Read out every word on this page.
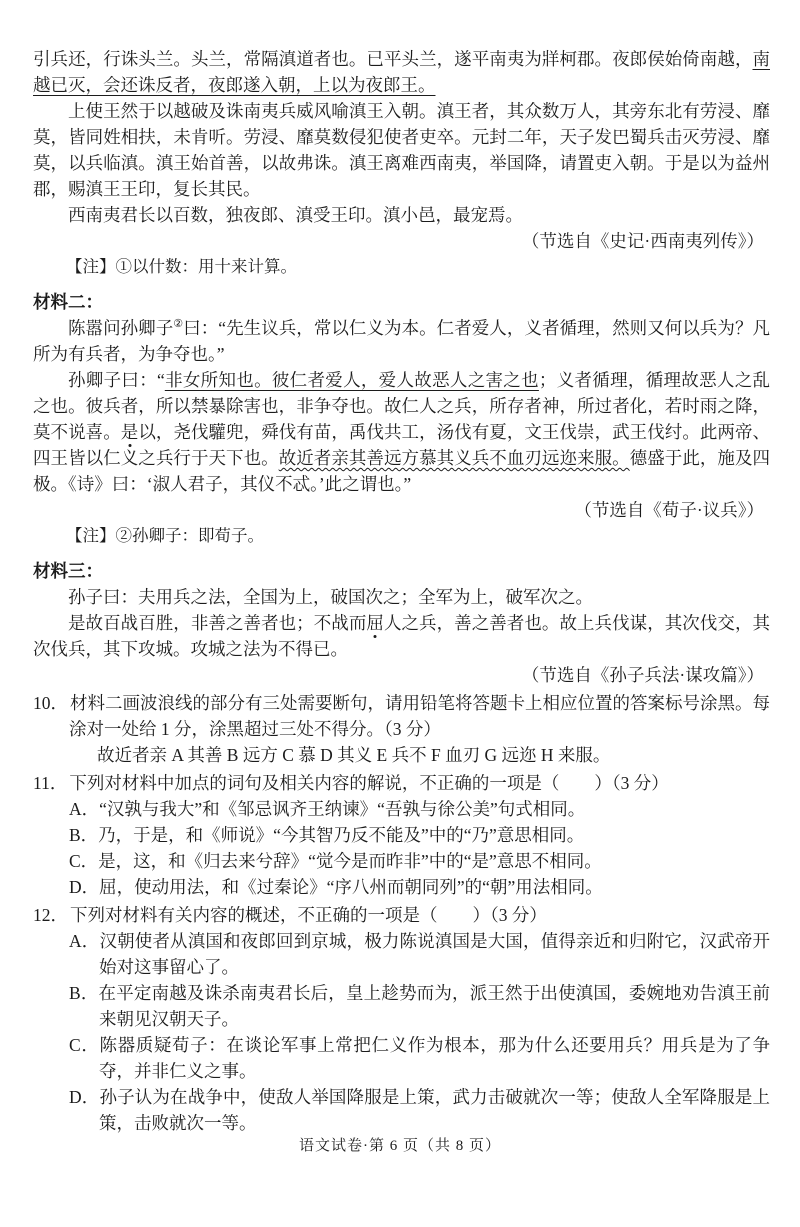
引兵还，行诛头兰。头兰，常隔滇道者也。已平头兰，遂平南夷为牂柯郡。夜郎侯始倚南越，南越已灭，会还诛反者，夜郎遂入朝，上以为夜郎王。

上使王然于以越破及诛南夷兵威风喻滇王入朝。滇王者，其众数万人，其旁东北有劳浸、靡莫，皆同姓相扶，未肯听。劳浸、靡莫数侵犯使者吏卒。元封二年，天子发巴蜀兵击灭劳浸、靡莫，以兵临滇。滇王始首善，以故弗诛。滇王离难西南夷，举国降，请置吏入朝。于是以为益州郡，赐滇王王印，复长其民。

西南夷君长以百数，独夜郎、滇受王印。滇小邑，最宠焉。

（节选自《史记·西南夷列传》）

【注】①以什数：用十来计算。

材料二：

陈嚣问孙卿子②曰：“先生议兵，常以仁义为本。仁者爱人，义者循理，然则又何以兵为？凡所为有兵者，为争夺也。”

孙卿子曰：“非女所知也。彼仁者爱人，爱人故恶人之害之也；义者循理，循理故恶人之乱之也。彼兵者，所以禁暴除害也，非争夺也。故仁人之兵，所存者神，所过者化，若时雨之降，莫不说喜。是以，尧伐驩兜，舜伐有苗，禹伐共工，汤伐有夏，文王伐崇，武王伐纣。此两帝、四王皆以仁义之兵行于天下也。故近者亲其善远方慕其义兵不血刃远迩来服。德盛于此，施及四极。《诗》曰：‘淑人君子，其仪不忒。’此之谓也。”

（节选自《荀子·议兵》）

【注】②孙卿子：即荀子。

材料三：

孙子曰：夫用兵之法，全国为上，破国次之；全军为上，破军次之。

是故百战百胜，非善之善者也；不战而屈人之兵，善之善者也。故上兵伐谋，其次伐交，其次伐兵，其下攻城。攻城之法为不得已。

（节选自《孙子兵法·谋攻篇》）

10． 材料二画波浪线的部分有三处需要断句，请用铅笔将答题卡上相应位置的答案标号涂黑。每涂对一处给 1 分，涂黑超过三处不得分。（3 分）

故近者亲 A 其善 B 远方 C 慕 D 其义 E 兵不 F 血刃 G 远迩 H 来服。

11． 下列对材料中加点的词句及相关内容的解说，不正确的一项是（　　）（3 分）

A．“汉孰与我大”和《邹忌讽齐王纳谏》“吾孰与徐公美”句式相同。

B．乃，于是，和《师说》“今其智乃反不能及”中的“乃”意思相同。

C．是，这，和《归去来兮辞》“觉今是而昨非”中的“是”意思不相同。

D．屈，使动用法，和《过秦论》“序八州而朝同列”的“朝”用法相同。

12． 下列对材料有关内容的概述，不正确的一项是（　　）（3 分）

A．汉朝使者从滇国和夜郎回到京城，极力陈说滇国是大国，值得亲近和归附它，汉武帝开始对这事留心了。

B．在平定南越及诛杀南夷君长后，皇上趁势而为，派王然于出使滇国，委婉地劝告滇王前来朝见汉朝天子。

C．陈器质疑荀子：在谈论军事上常把仁义作为根本，那为什么还要用兵？用兵是为了争夺，并非仁义之事。

D．孙子认为在战争中，使敌人举国降服是上策，武力击破就次一等；使敌人全军降服是上策，击败就次一等。

语文试卷·第 6 页（共 8 页）
